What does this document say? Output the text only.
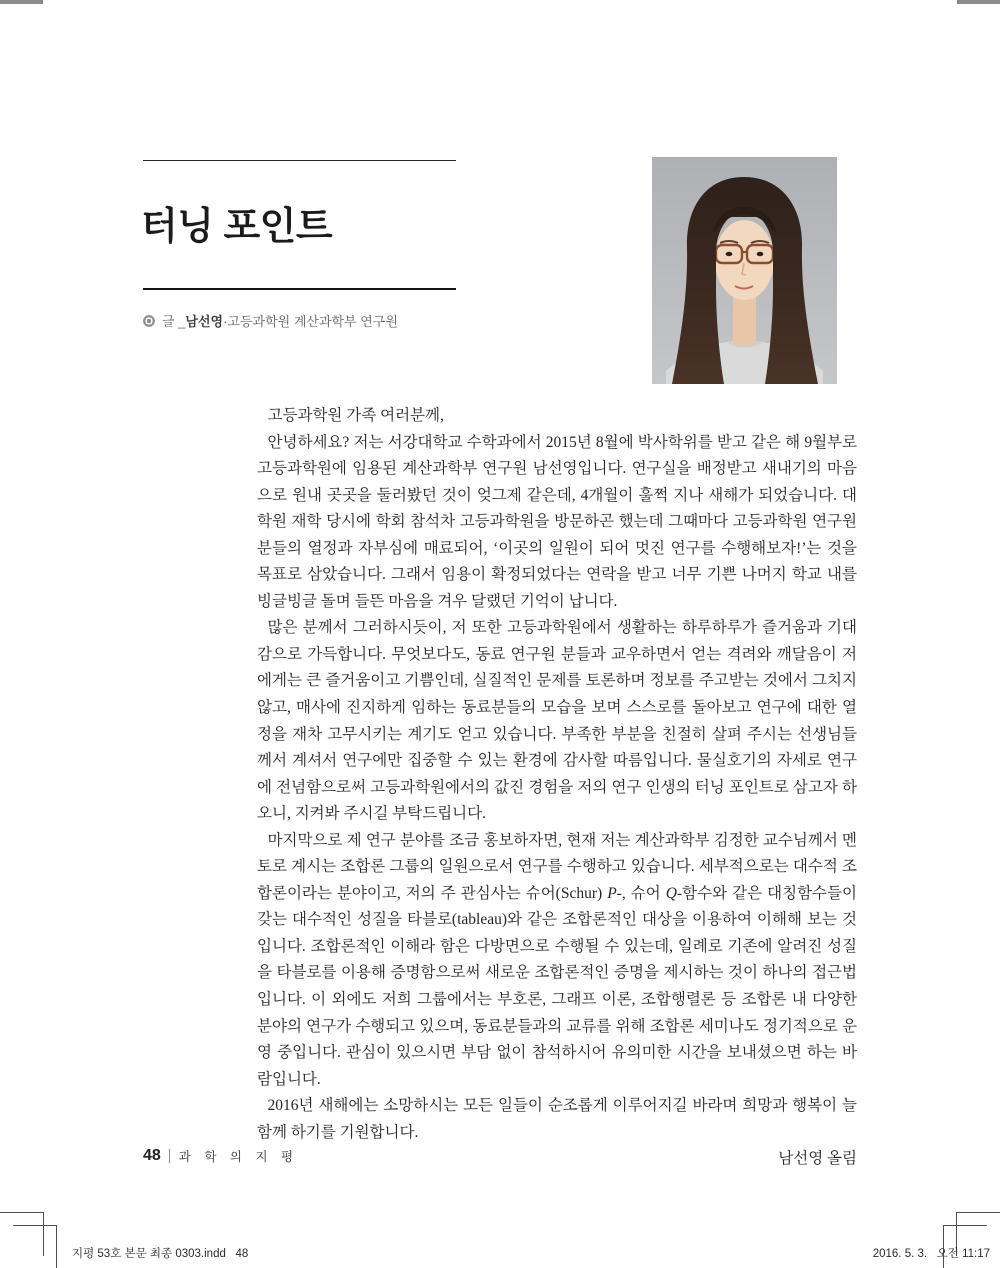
터닝 포인트
글 _ 남선영 ·고등과학원 계산과학부 연구원

고등과학원 가족 여러분께,

안녕하세요? 저는 서강대학교 수학과에서 2015년 8월에 박사학위를 받고 같은 해 9월부로 고등과학원에 임용된 계산과학부 연구원 남선영입니다. 연구실을 배정받고 새내기의 마음으로 원내 곳곳을 둘러봤던 것이 엊그제 같은데, 4개월이 훌쩍 지나 새해가 되었습니다. 대학원 재학 당시에 학회 참석차 고등과학원을 방문하곤 했는데 그때마다 고등과학원 연구원 분들의 열정과 자부심에 매료되어, ‘이곳의 일원이 되어 멋진 연구를 수행해보자!’는 것을 목표로 삼았습니다. 그래서 임용이 확정되었다는 연락을 받고 너무 기쁜 나머지 학교 내를 빙글빙글 돌며 들뜬 마음을 겨우 달랬던 기억이 납니다.

많은 분께서 그러하시듯이, 저 또한 고등과학원에서 생활하는 하루하루가 즐거움과 기대감으로 가득합니다. 무엇보다도, 동료 연구원 분들과 교우하면서 얻는 격려와 깨달음이 저에게는 큰 즐거움이고 기쁨인데, 실질적인 문제를 토론하며 정보를 주고받는 것에서 그치지 않고, 매사에 진지하게 임하는 동료분들의 모습을 보며 스스로를 돌아보고 연구에 대한 열정을 재차 고무시키는 계기도 얻고 있습니다. 부족한 부분을 친절히 살펴 주시는 선생님들께서 계셔서 연구에만 집중할 수 있는 환경에 감사할 따름입니다. 물실호기의 자세로 연구에 전념함으로써 고등과학원에서의 값진 경험을 저의 연구 인생의 터닝 포인트로 삼고자 하오니, 지켜봐 주시길 부탁드립니다.

마지막으로 제 연구 분야를 조금 홍보하자면, 현재 저는 계산과학부 김정한 교수님께서 멘토로 계시는 조합론 그룹의 일원으로서 연구를 수행하고 있습니다. 세부적으로는 대수적 조합론이라는 분야이고, 저의 주 관심사는 슈어(Schur) P-, 슈어 Q-함수와 같은 대칭함수들이 갖는 대수적인 성질을 타블로(tableau)와 같은 조합론적인 대상을 이용하여 이해해 보는 것입니다. 조합론적인 이해라 함은 다방면으로 수행될 수 있는데, 일례로 기존에 알려진 성질을 타블로를 이용해 증명함으로써 새로운 조합론적인 증명을 제시하는 것이 하나의 접근법입니다. 이 외에도 저희 그룹에서는 부호론, 그래프 이론, 조합행렬론 등 조합론 내 다양한 분야의 연구가 수행되고 있으며, 동료분들과의 교류를 위해 조합론 세미나도 정기적으로 운영 중입니다. 관심이 있으시면 부담 없이 참석하시어 유의미한 시간을 보내셨으면 하는 바람입니다.

2016년 새해에는 소망하시는 모든 일들이 순조롭게 이루어지길 바라며 희망과 행복이 늘 함께 하기를 기원합니다.

남선영 올림

48 과 학 의 지 평
지평 53호 본문 최종 0303.indd   48	2016. 5. 3.   오전 11:17
